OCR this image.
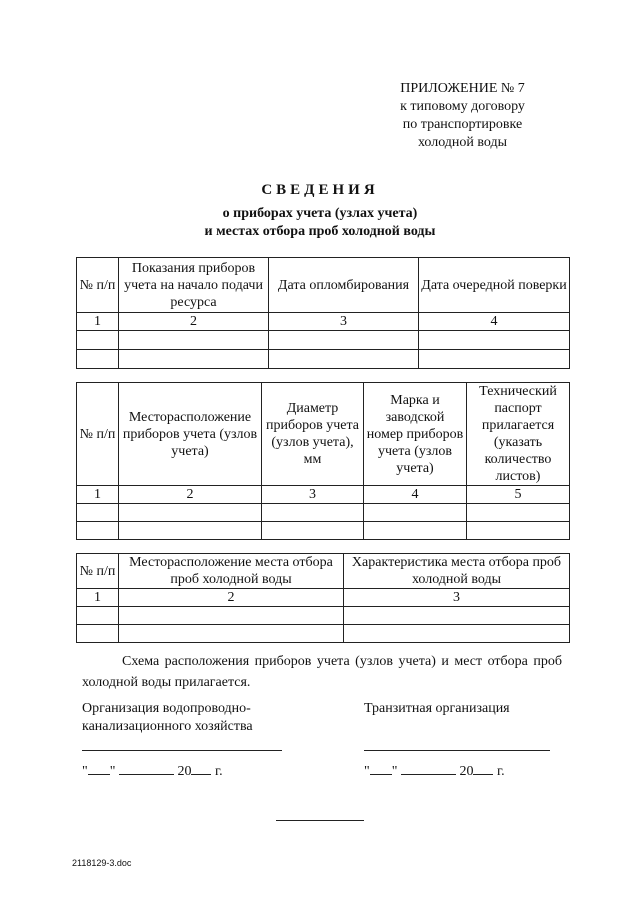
ПРИЛОЖЕНИЕ № 7
к типовому договору
по транспортировке
холодной воды
СВЕДЕНИЯ
о приборах учета (узлах учета)
и местах отбора проб холодной воды
№ п/п	Показания приборов учета на начало подачи ресурса	Дата опломбирования	Дата очередной поверки
1	2	3	4

№ п/п	Месторасположение приборов учета (узлов учета)	Диаметр приборов учета (узлов учета), мм	Марка и заводской номер приборов учета (узлов учета)	Технический паспорт прилагается (указать количество листов)
1	2	3	4	5

№ п/п	Месторасположение места отбора проб холодной воды	Характеристика места отбора проб холодной воды
1	2	3

Схема расположения приборов учета (узлов учета) и мест отбора проб холодной воды прилагается.
Организация водопроводно-канализационного хозяйства
Транзитная организация
" "	20 г.	" "	20 г.
2118129-3.doc
